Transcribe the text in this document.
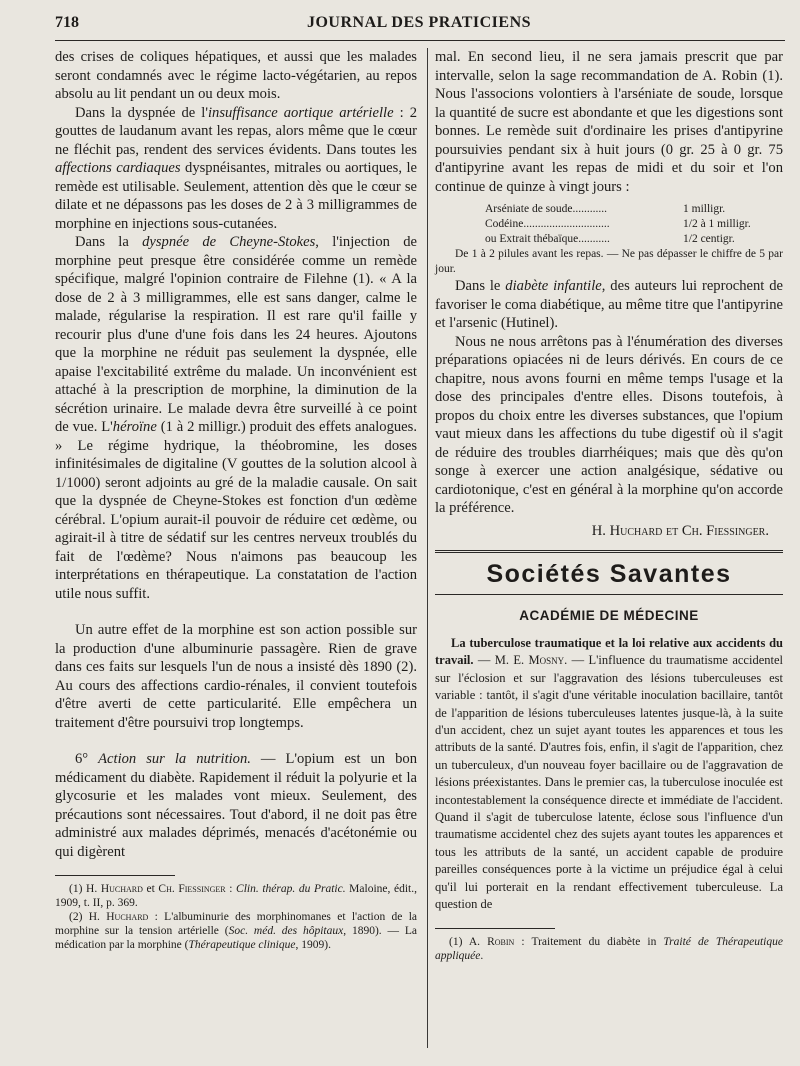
718	JOURNAL DES PRATICIENS

des crises de coliques hépatiques, et aussi que les malades seront condamnés avec le régime lacto-végétarien, au repos absolu au lit pendant un ou deux mois.

Dans la dyspnée de l'insuffisance aortique artérielle : 2 gouttes de laudanum avant les repas, alors même que le cœur ne fléchit pas, rendent des services évidents. Dans toutes les affections cardiaques dyspnéisantes, mitrales ou aortiques, le remède est utilisable. Seulement, attention dès que le cœur se dilate et ne dépassons pas les doses de 2 à 3 milligrammes de morphine en injections sous-cutanées.

Dans la dyspnée de Cheyne-Stokes, l'injection de morphine peut presque être considérée comme un remède spécifique, malgré l'opinion contraire de Filehne (1). « A la dose de 2 à 3 milligrammes, elle est sans danger, calme le malade, régularise la respiration. Il est rare qu'il faille y recourir plus d'une d'une fois dans les 24 heures. Ajoutons que la morphine ne réduit pas seulement la dyspnée, elle apaise l'excitabilité extrême du malade. Un inconvénient est attaché à la prescription de morphine, la diminution de la sécrétion urinaire. Le malade devra être surveillé à ce point de vue. L'héroïne (1 à 2 milligr.) produit des effets analogues. » Le régime hydrique, la théobromine, les doses infinitésimales de digitaline (V gouttes de la solution alcool à 1/1000) seront adjoints au gré de la maladie causale. On sait que la dyspnée de Cheyne-Stokes est fonction d'un œdème cérébral. L'opium aurait-il pouvoir de réduire cet œdème, ou agirait-il à titre de sédatif sur les centres nerveux troublés du fait de l'œdème? Nous n'aimons pas beaucoup les interprétations en thérapeutique. La constatation de l'action utile nous suffit.

Un autre effet de la morphine est son action possible sur la production d'une albuminurie passagère. Rien de grave dans ces faits sur lesquels l'un de nous a insisté dès 1890 (2). Au cours des affections cardio-rénales, il convient toutefois d'être averti de cette particularité. Elle empêchera un traitement d'être poursuivi trop longtemps.

6° Action sur la nutrition. — L'opium est un bon médicament du diabète. Rapidement il réduit la polyurie et la glycosurie et les malades vont mieux. Seulement, des précautions sont nécessaires. Tout d'abord, il ne doit pas être administré aux malades déprimés, menacés d'acétonémie ou qui digèrent

(1) H. Huchard et Ch. Fiessinger : Clin. thérap. du Pratic. Maloine, édit., 1909, t. II, p. 369.

(2) H. Huchard : L'albuminurie des morphinomanes et l'action de la morphine sur la tension artérielle (Soc. méd. des hôpitaux, 1890). — La médication par la morphine (Thérapeutique clinique, 1909).

mal. En second lieu, il ne sera jamais prescrit que par intervalle, selon la sage recommandation de A. Robin (1). Nous l'associons volontiers à l'arséniate de soude, lorsque la quantité de sucre est abondante et que les digestions sont bonnes. Le remède suit d'ordinaire les prises d'antipyrine poursuivies pendant six à huit jours (0 gr. 25 à 0 gr. 75 d'antipyrine avant les repas de midi et du soir et l'on continue de quinze à vingt jours :

Arséniate de soude............	1 milligr.
Codéine..............................	1/2 à 1 milligr.
ou Extrait thébaïque...........	1/2 centigr.

De 1 à 2 pilules avant les repas. — Ne pas dépasser le chiffre de 5 par jour.

Dans le diabète infantile, des auteurs lui reprochent de favoriser le coma diabétique, au même titre que l'antipyrine et l'arsenic (Hutinel).

Nous ne nous arrêtons pas à l'énumération des diverses préparations opiacées ni de leurs dérivés. En cours de ce chapitre, nous avons fourni en même temps l'usage et la dose des principales d'entre elles. Disons toutefois, à propos du choix entre les diverses substances, que l'opium vaut mieux dans les affections du tube digestif où il s'agit de réduire des troubles diarrhéiques; mais que dès qu'on songe à exercer une action analgésique, sédative ou cardiotonique, c'est en général à la morphine qu'on accorde la préférence.

H. Huchard et Ch. Fiessinger.
Sociétés Savantes
ACADÉMIE DE MÉDECINE

La tuberculose traumatique et la loi relative aux accidents du travail. — M. E. Mosny. — L'influence du traumatisme accidentel sur l'éclosion et sur l'aggravation des lésions tuberculeuses est variable : tantôt, il s'agit d'une véritable inoculation bacillaire, tantôt de l'apparition de lésions tuberculeuses latentes jusque-là, à la suite d'un accident, chez un sujet ayant toutes les apparences et tous les attributs de la santé. D'autres fois, enfin, il s'agit de l'apparition, chez un tuberculeux, d'un nouveau foyer bacillaire ou de l'aggravation de lésions préexistantes. Dans le premier cas, la tuberculose inoculée est incontestablement la conséquence directe et immédiate de l'accident. Quand il s'agit de tuberculose latente, éclose sous l'influence d'un traumatisme accidentel chez des sujets ayant toutes les apparences et tous les attributs de la santé, un accident capable de produire pareilles conséquences porte à la victime un préjudice égal à celui qu'il lui porterait en la rendant effectivement tuberculeuse. La question de

(1) A. Robin : Traitement du diabète in Traité de Thérapeutique appliquée.
